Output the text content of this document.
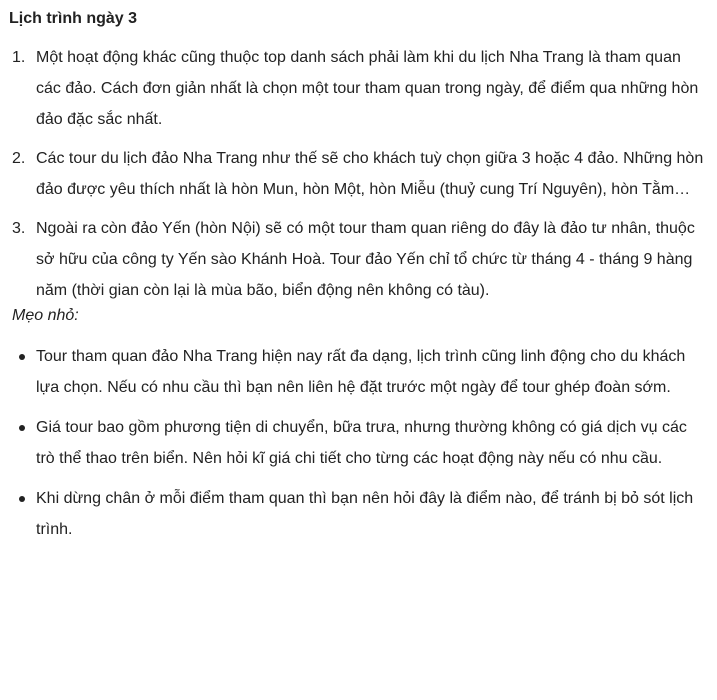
Lịch trình ngày 3
1. Một hoạt động khác cũng thuộc top danh sách phải làm khi du lịch Nha Trang là tham quan các đảo. Cách đơn giản nhất là chọn một tour tham quan trong ngày, để điểm qua những hòn đảo đặc sắc nhất.
2. Các tour du lịch đảo Nha Trang như thế sẽ cho khách tuỳ chọn giữa 3 hoặc 4 đảo. Những hòn đảo được yêu thích nhất là hòn Mun, hòn Một, hòn Miễu (thuỷ cung Trí Nguyên), hòn Tằm…
3. Ngoài ra còn đảo Yến (hòn Nội) sẽ có một tour tham quan riêng do đây là đảo tư nhân, thuộc sở hữu của công ty Yến sào Khánh Hoà. Tour đảo Yến chỉ tổ chức từ tháng 4 - tháng 9 hàng năm (thời gian còn lại là mùa bão, biển động nên không có tàu).
Mẹo nhỏ:
Tour tham quan đảo Nha Trang hiện nay rất đa dạng, lịch trình cũng linh động cho du khách lựa chọn. Nếu có nhu cầu thì bạn nên liên hệ đặt trước một ngày để tour ghép đoàn sớm.
Giá tour bao gồm phương tiện di chuyển, bữa trưa, nhưng thường không có giá dịch vụ các trò thể thao trên biển. Nên hỏi kĩ giá chi tiết cho từng các hoạt động này nếu có nhu cầu.
Khi dừng chân ở mỗi điểm tham quan thì bạn nên hỏi đây là điểm nào, để tránh bị bỏ sót lịch trình.
